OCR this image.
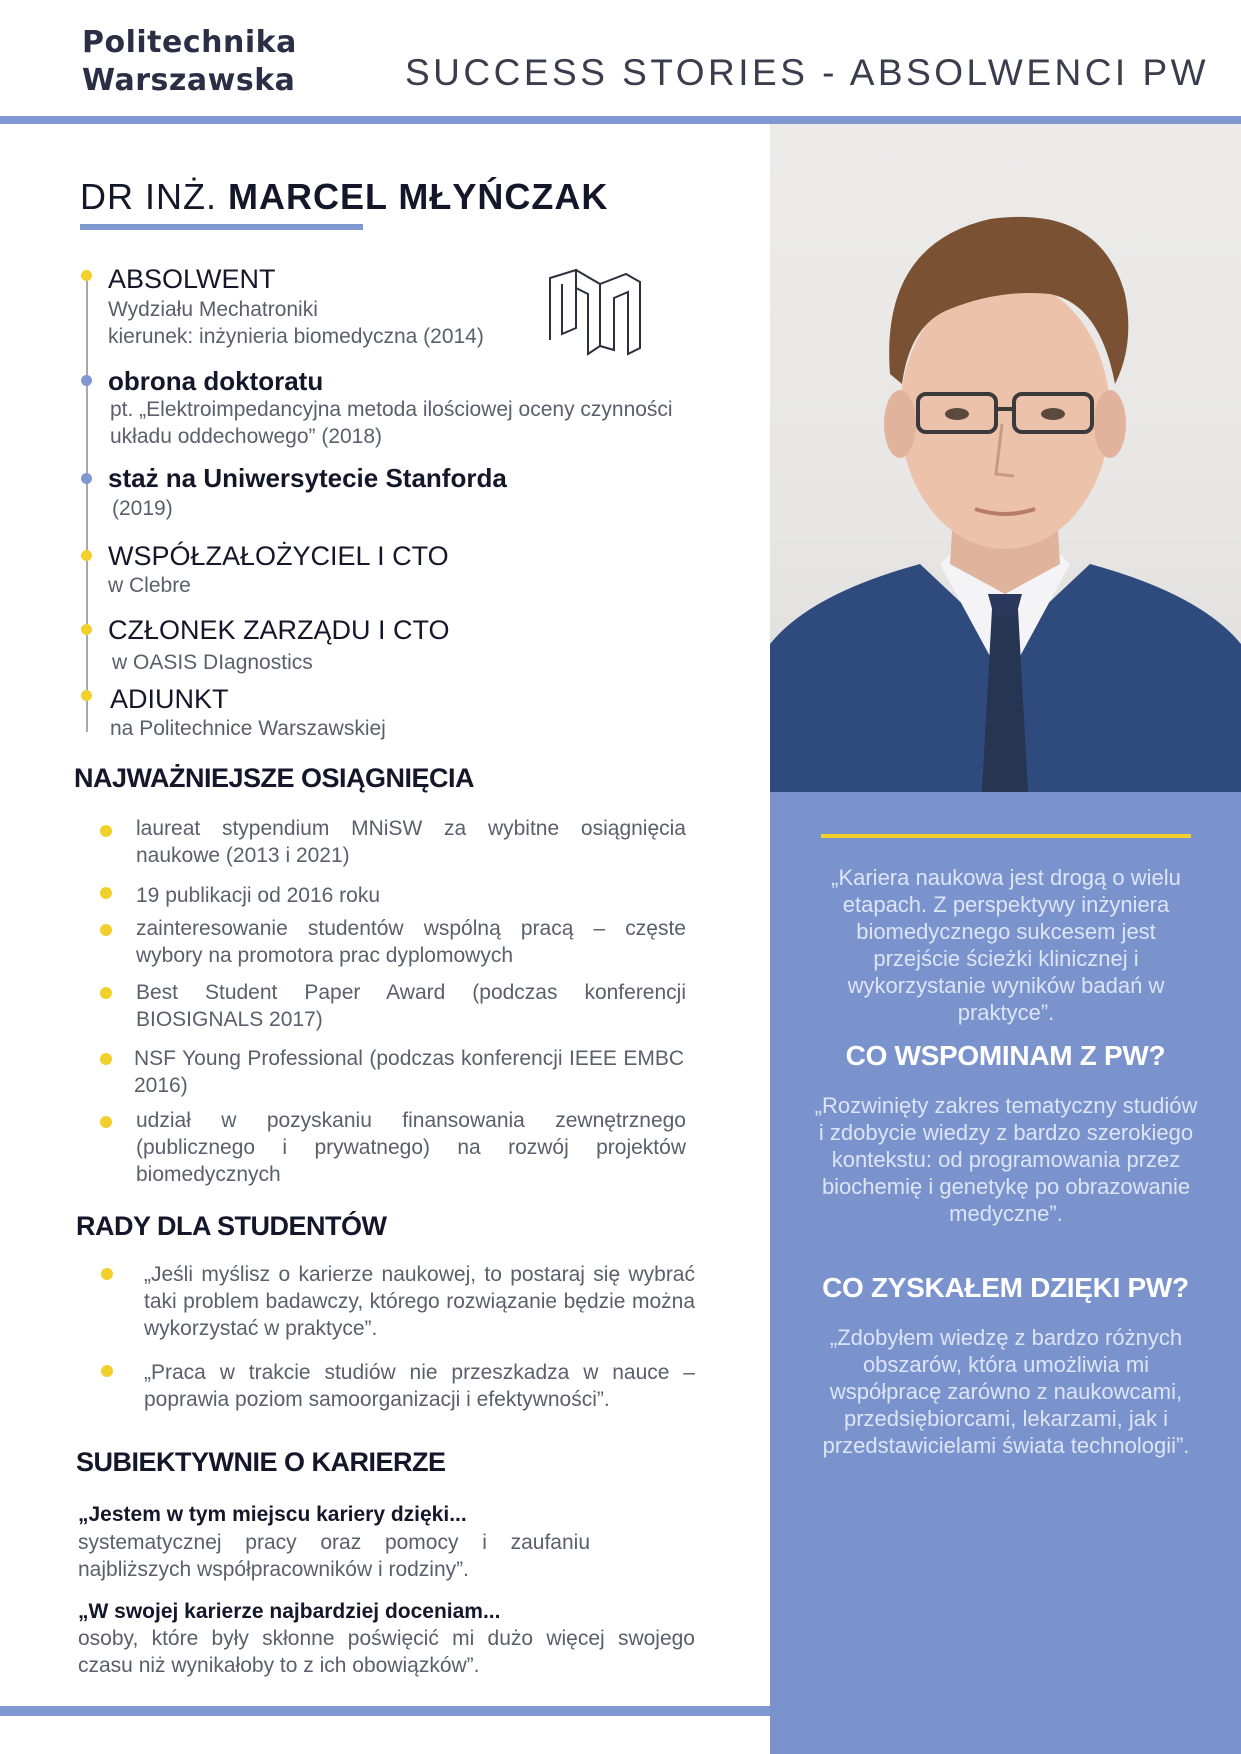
Politechnika
Warszawska	SUCCESS STORIES - ABSOLWENCI PW
„Kariera naukowa jest drogą o wielu etapach. Z perspektywy inżyniera biomedycznego sukcesem jest przejście ścieżki klinicznej i wykorzystanie wyników badań w praktyce”.
CO WSPOMINAM Z PW?
„Rozwinięty zakres tematyczny studiów i zdobycie wiedzy z bardzo szerokiego kontekstu: od programowania przez biochemię i genetykę po obrazowanie medyczne”.
CO ZYSKAŁEM DZIĘKI PW?
„Zdobyłem wiedzę z bardzo różnych obszarów, która umożliwia mi współpracę zarówno z naukowcami, przedsiębiorcami, lekarzami, jak i przedstawicielami świata technologii”.
DR INŻ. MARCEL MŁYŃCZAK
ABSOLWENT
Wydziału Mechatroniki
kierunek: inżynieria biomedyczna (2014)
obrona doktoratu
pt. „Elektroimpedancyjna metoda ilościowej oceny czynności
układu oddechowego” (2018)
staż na Uniwersytecie Stanforda
(2019)
WSPÓŁZAŁOŻYCIEL I CTO
w Clebre
CZŁONEK ZARZĄDU I CTO
w OASIS DIagnostics
ADIUNKT
na Politechnice Warszawskiej
NAJWAŻNIEJSZE OSIĄGNIĘCIA
laureat stypendium MNiSW za wybitne osiągnięcia naukowe (2013 i 2021)
19 publikacji od 2016 roku
zainteresowanie studentów wspólną pracą – częste wybory na promotora prac dyplomowych
Best Student Paper Award (podczas konferencji BIOSIGNALS 2017)
NSF Young Professional (podczas konferencji IEEE EMBC 2016)
udział w pozyskaniu finansowania zewnętrznego (publicznego i prywatnego) na rozwój projektów biomedycznych
RADY DLA STUDENTÓW
„Jeśli myślisz o karierze naukowej, to postaraj się wybrać taki problem badawczy, którego rozwiązanie będzie można wykorzystać w praktyce”.
„Praca w trakcie studiów nie przeszkadza w nauce – poprawia poziom samoorganizacji i efektywności”.
SUBIEKTYWNIE O KARIERZE
„Jestem w tym miejscu kariery dzięki...
systematycznej pracy oraz pomocy i zaufaniu najbliższych współpracowników i rodziny”.
„W swojej karierze najbardziej doceniam...
osoby, które były skłonne poświęcić mi dużo więcej swojego czasu niż wynikałoby to z ich obowiązków”.
